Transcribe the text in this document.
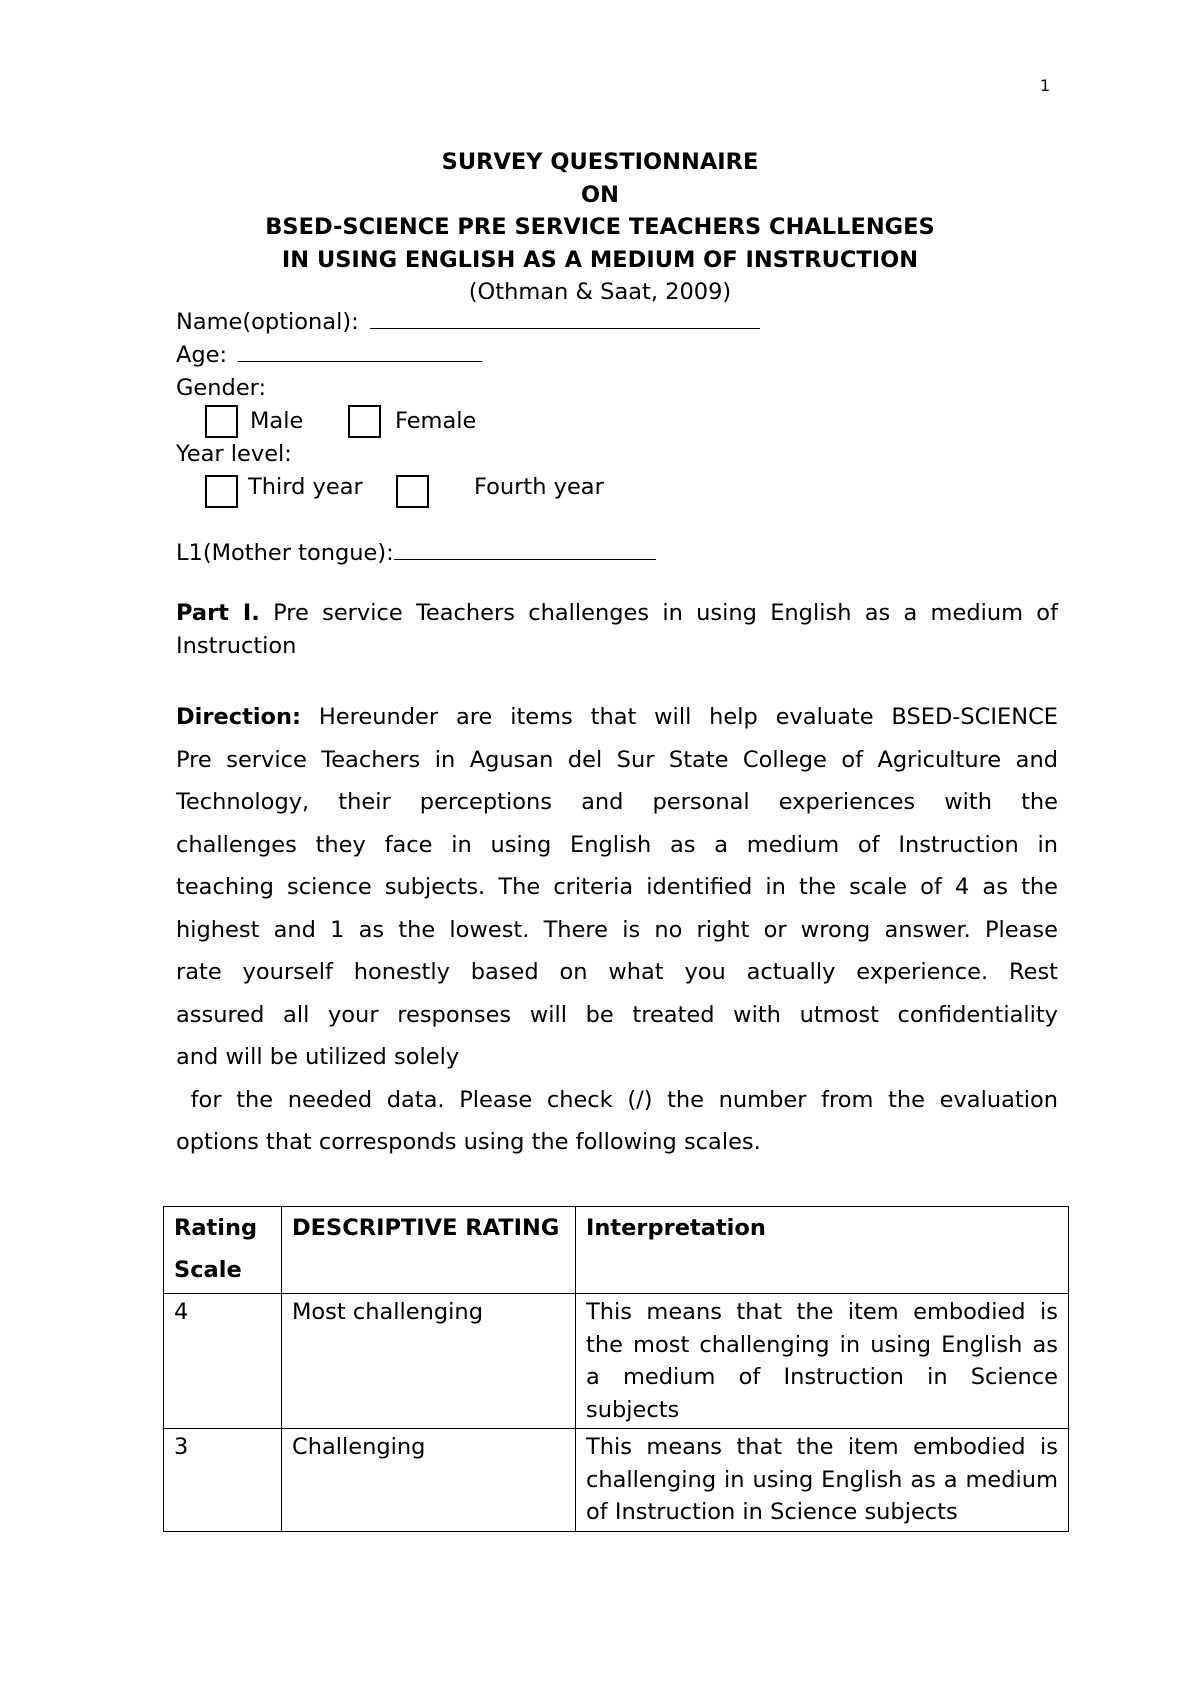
1
SURVEY QUESTIONNAIRE
ON
BSED-SCIENCE PRE SERVICE TEACHERS CHALLENGES
IN USING ENGLISH AS A MEDIUM OF INSTRUCTION
(Othman & Saat, 2009)
Name(optional):
Age:
Gender:
Male	Female
Year level:
Third year	Fourth year
L1(Mother tongue):
Part I. Pre service Teachers challenges in using English as a medium of Instruction

Direction: Hereunder are items that will help evaluate BSED-SCIENCE

Pre service Teachers in Agusan del Sur State College of Agriculture and

Technology, their perceptions and personal experiences with the

challenges they face in using English as a medium of Instruction in

teaching science subjects. The criteria identified in the scale of 4 as the

highest and 1 as the lowest. There is no right or wrong answer. Please

rate yourself honestly based on what you actually experience. Rest

assured all your responses will be treated with utmost confidentiality

and will be utilized solely

for the needed data. Please check (/) the number from the evaluation

options that corresponds using the following scales.

Rating Scale	DESCRIPTIVE RATING	Interpretation
4	Most challenging	This means that the item embodied is the most challenging in using English as a medium of Instruction in Science subjects
3	Challenging	This means that the item embodied is challenging in using English as a medium of Instruction in Science subjects
